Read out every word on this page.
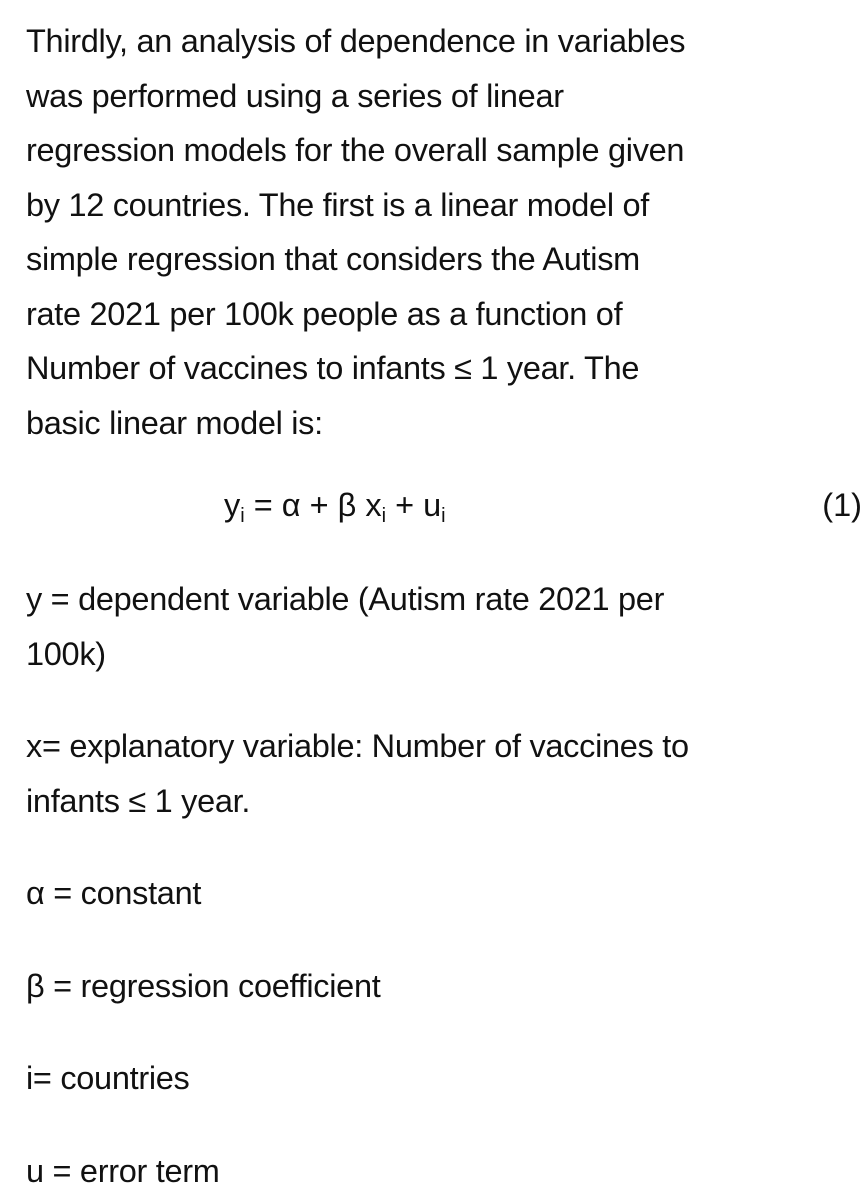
Thirdly, an analysis of dependence in variables
was performed using a series of linear
regression models for the overall sample given
by 12 countries. The first is a linear model of
simple regression that considers the Autism
rate 2021 per 100k people as a function of
Number of vaccines to infants ≤ 1 year. The
basic linear model is:

$y_i = \alpha + \beta$ $x_i + u_i$	(1)

y = dependent variable (Autism rate 2021 per
100k)

x= explanatory variable: Number of vaccines to
infants ≤ 1 year.

α = constant

β = regression coefficient

i= countries

u = error term
